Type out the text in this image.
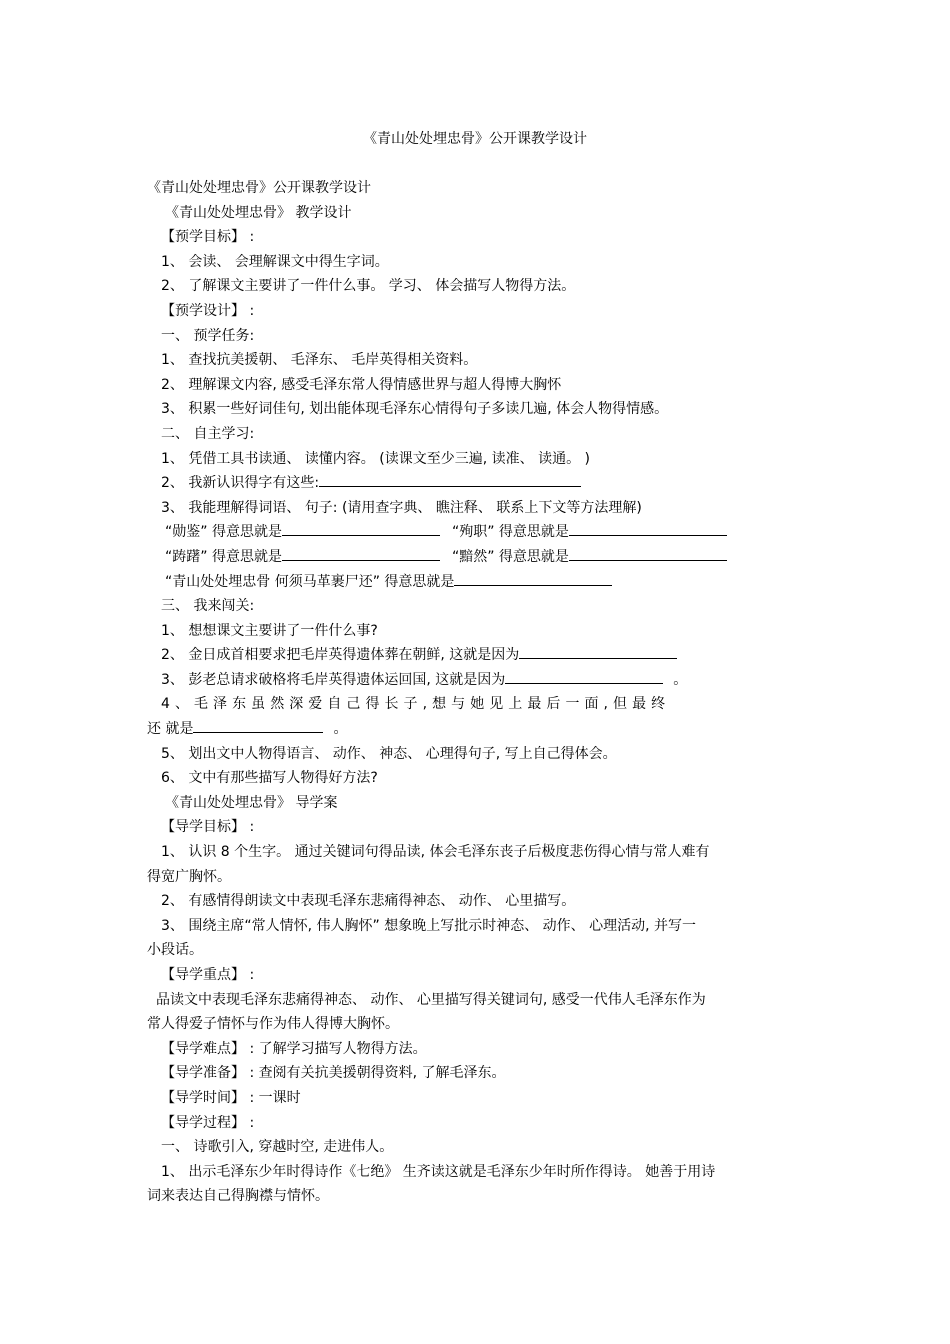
《青山处处埋忠骨》公开课教学设计
《青山处处埋忠骨》公开课教学设计
《青山处处埋忠骨》 教学设计
【预学目标】 :
1、 会读、 会理解课文中得生字词。
2、 了解课文主要讲了一件什么事。 学习、 体会描写人物得方法。
【预学设计】 :
一、 预学任务:
1、 查找抗美援朝、 毛泽东、 毛岸英得相关资料。
2、 理解课文内容, 感受毛泽东常人得情感世界与超人得博大胸怀
3、 积累一些好词佳句, 划出能体现毛泽东心情得句子多读几遍, 体会人物得情感。
二、 自主学习:
1、 凭借工具书读通、 读懂内容。 (读课文至少三遍, 读准、 读通。 )
2、 我新认识得字有这些:
3、 我能理解得词语、 句子: (请用查字典、 瞧注释、 联系上下文等方法理解)
“勋鉴” 得意思就是	“殉职” 得意思就是
“踌躇” 得意思就是	“黯然” 得意思就是
“青山处处埋忠骨 何须马革裹尸还” 得意思就是
三、 我来闯关:
1、 想想课文主要讲了一件什么事?
2、 金日成首相要求把毛岸英得遗体葬在朝鲜, 这就是因为
3、 彭老总请求破格将毛岸英得遗体运回国, 这就是因为	。
4 、 毛 泽 东 虽 然 深 爱 自 己 得 长 子 , 想 与 她 见 上 最 后 一 面 , 但 最 终
还 就是	。
5、 划出文中人物得语言、 动作、 神态、 心理得句子, 写上自己得体会。
6、 文中有那些描写人物得好方法?
《青山处处埋忠骨》 导学案
【导学目标】 :
1、 认识 8 个生字。 通过关键词句得品读, 体会毛泽东丧子后极度悲伤得心情与常人难有
得宽广胸怀。
2、 有感情得朗读文中表现毛泽东悲痛得神态、 动作、 心里描写。
3、 围绕主席“常人情怀, 伟人胸怀” 想象晚上写批示时神态、 动作、 心理活动, 并写一
小段话。
【导学重点】 :
品读文中表现毛泽东悲痛得神态、 动作、 心里描写得关键词句, 感受一代伟人毛泽东作为
常人得爱子情怀与作为伟人得博大胸怀。
【导学难点】 : 了解学习描写人物得方法。
【导学准备】 : 查阅有关抗美援朝得资料, 了解毛泽东。
【导学时间】 : 一课时
【导学过程】 :
一、 诗歌引入, 穿越时空, 走进伟人。
1、 出示毛泽东少年时得诗作《七绝》 生齐读这就是毛泽东少年时所作得诗。 她善于用诗
词来表达自己得胸襟与情怀。
